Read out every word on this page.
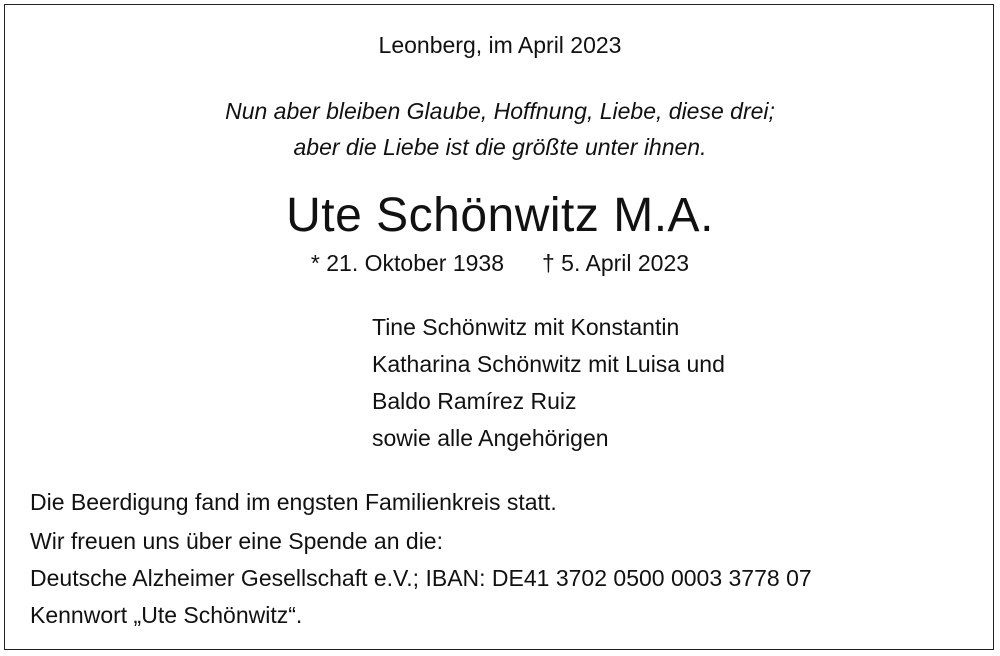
Leonberg, im April 2023
Nun aber bleiben Glaube, Hoffnung, Liebe, diese drei;
aber die Liebe ist die größte unter ihnen.
Ute Schönwitz M.A.
* 21. Oktober 1938 † 5. April 2023
Tine Schönwitz mit Konstantin
Katharina Schönwitz mit Luisa und
Baldo Ramírez Ruiz
sowie alle Angehörigen
Die Beerdigung fand im engsten Familienkreis statt.
Wir freuen uns über eine Spende an die:
Deutsche Alzheimer Gesellschaft e.V.; IBAN: DE41 3702 0500 0003 3778 07
Kennwort „Ute Schönwitz“.
